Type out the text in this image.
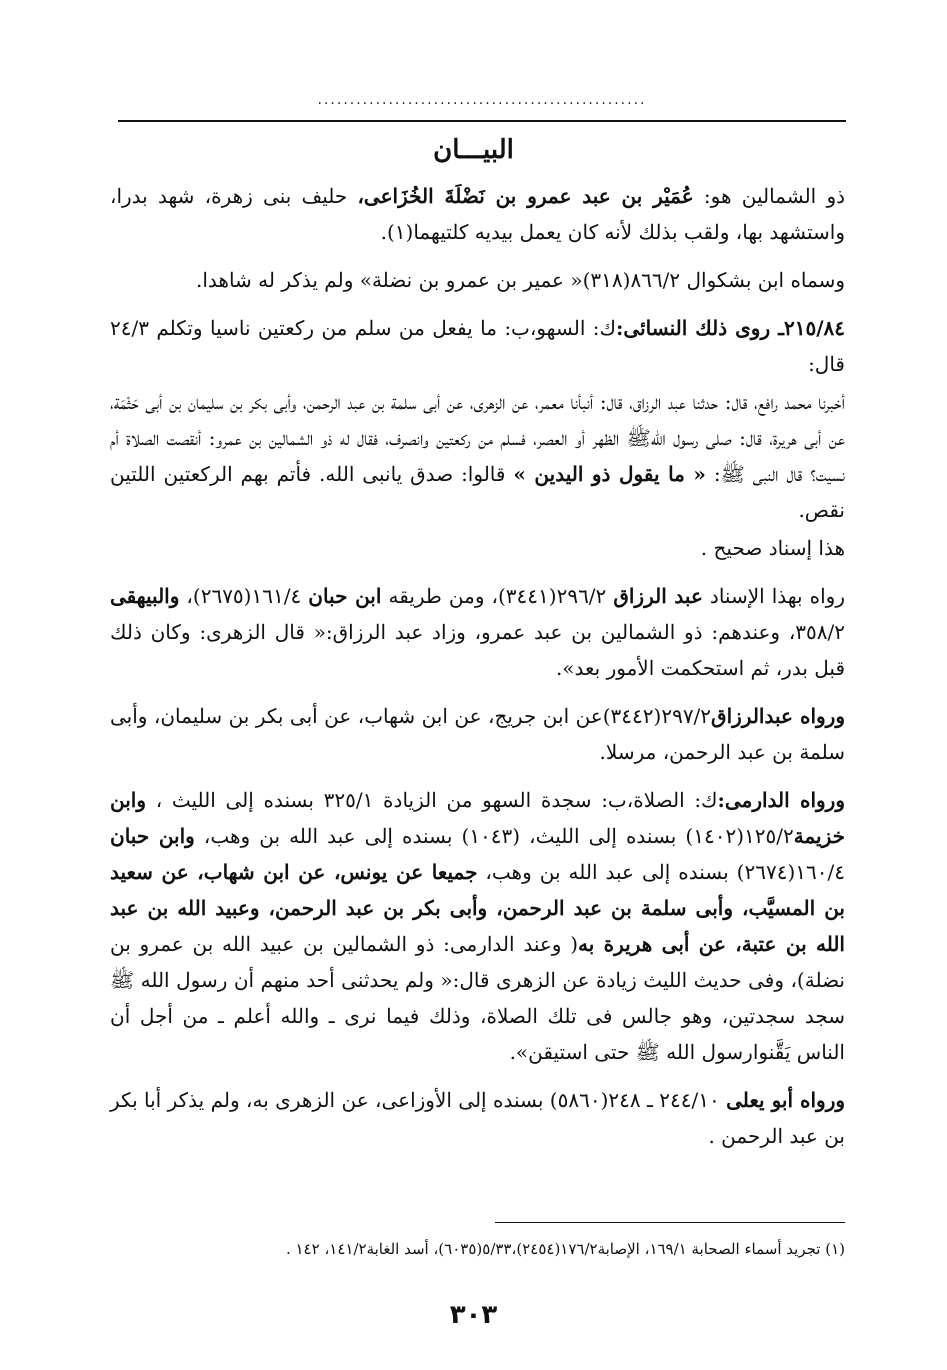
...................................................
البيـــان

ذو الشمالين هو: عُمَيْر بن عبد عمرو بن نَضْلَةَ الخُزَاعى، حليف بنى زهرة، شهد بدرا، واستشهد بها، ولقب بذلك لأنه كان يعمل بيديه كلتيهما(١).

وسماه ابن بشكوال ٨٦٦/٢(٣١٨)« عمير بن عمرو بن نضلة» ولم يذكر له شاهدا.

٢١٥/٨٤ـ روى ذلك النسائى:ك: السهو،ب: ما يفعل من سلم من ركعتين ناسيا وتكلم ٢٤/٣ قال:

أخبرنا محمد رافع، قال: حدثنا عبد الرزاق، قال: أنبأنا معمر، عن الزهرى، عن أبى سلمة بن عبد الرحمن، وأبى بكر بن سليمان بن أبى حَثْمَة، عن أبى هريرة، قال: صلى رسول اللهﷺ الظهر أو العصر، فسلم من ركعتين وانصرف، فقال له ذو الشمالين بن عمرو: أنقصت الصلاة أم نسيت؟ قال النبى ﷺ: « ما يقول ذو اليدين » قالوا: صدق يانبى الله. فأتم بهم الركعتين اللتين نقص.

هذا إسناد صحيح .

رواه بهذا الإسناد عبد الرزاق ٢٩٦/٢(٣٤٤١)، ومن طريقه ابن حبان ١٦١/٤(٢٦٧٥)، والبيهقى ٣٥٨/٢، وعندهم: ذو الشمالين بن عبد عمرو، وزاد عبد الرزاق:« قال الزهرى: وكان ذلك قبل بدر، ثم استحكمت الأمور بعد».

ورواه عبدالرزاق٢٩٧/٢(٣٤٤٢)عن ابن جريج، عن ابن شهاب، عن أبى بكر بن سليمان، وأبى سلمة بن عبد الرحمن، مرسلا.

ورواه الدارمى:ك: الصلاة،ب: سجدة السهو من الزيادة ٣٢٥/١ بسنده إلى الليث ، وابن خزيمة١٢٥/٢(١٤٠٢) بسنده إلى الليث، (١٠٤٣) بسنده إلى عبد الله بن وهب، وابن حبان ١٦٠/٤(٢٦٧٤) بسنده إلى عبد الله بن وهب، جميعا عن يونس، عن ابن شهاب، عن سعيد بن المسيَّب، وأبى سلمة بن عبد الرحمن، وأبى بكر بن عبد الرحمن، وعبيد الله بن عبد الله بن عتبة، عن أبى هريرة به( وعند الدارمى: ذو الشمالين بن عبيد الله بن عمرو بن نضلة)، وفى حديث الليث زيادة عن الزهرى قال:« ولم يحدثنى أحد منهم أن رسول الله ﷺ سجد سجدتين، وهو جالس فى تلك الصلاة، وذلك فيما نرى ـ والله أعلم ـ من أجل أن الناس يَقَّنوارسول الله ﷺ حتى استيقن».

ورواه أبو يعلى ٢٤٤/١٠ ـ ٢٤٨(٥٨٦٠) بسنده إلى الأوزاعى، عن الزهرى به، ولم يذكر أبا بكر بن عبد الرحمن .

(١) تجريد أسماء الصحابة ١٦٩/١، الإصابة١٧٦/٢(٢٤٥٤)،٥/٣٣(٦٠٣٥)، أسد الغابة١٤١/٢، ١٤٢ .
٣٠٣
